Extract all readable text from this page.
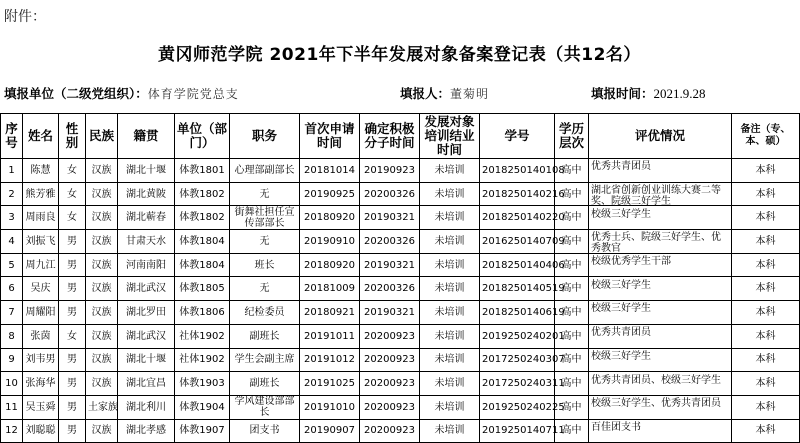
附件：
黄冈师范学院 2021年下半年发展对象备案登记表（共12名）
填报单位（二级党组织）：体育学院党总支	填报人：董菊明	填报时间：2021.9.28
序号	姓名	性别	民族	籍贯	单位（部门）	职务	首次申请时间	确定积极分子时间	发展对象培训结业时间	学号	学历层次	评优情况	备注（专、本、硕）
1	陈慧	女	汉族	湖北十堰	体教1801	心理部副部长	20181014	20190923	未培训	2018250140108	高中	优秀共青团员	本科
2	熊芳雅	女	汉族	湖北黄陂	体教1802	无	20190925	20200326	未培训	2018250140216	高中	湖北省创新创业训练大赛二等奖、院级三好学生	本科
3	周雨良	女	汉族	湖北蕲春	体教1802	街舞社担任宣传部部长	20180920	20190321	未培训	2018250140220	高中	校级三好学生	本科
4	刘振飞	男	汉族	甘肃天水	体教1804	无	20190910	20200326	未培训	2016250140709	高中	优秀士兵、院级三好学生、优秀教官	本科
5	周九江	男	汉族	河南南阳	体教1804	班长	20180920	20190321	未培训	2018250140406	高中	校级优秀学生干部	本科
6	吴庆	男	汉族	湖北武汉	体教1805	无	20181009	20200326	未培训	2018250140519	高中	校级三好学生	本科
7	周耀阳	男	汉族	湖北罗田	体教1806	纪检委员	20180921	20190321	未培训	2018250140619	高中	校级三好学生	本科
8	张茵	女	汉族	湖北武汉	社体1902	副班长	20191011	20200923	未培训	2019250240201	高中	优秀共青团员	本科
9	刘韦男	男	汉族	湖北十堰	社体1902	学生会副主席	20191012	20200923	未培训	2017250240307	高中	校级三好学生	本科
10	张海华	男	汉族	湖北宜昌	体教1903	副班长	20191025	20200923	未培训	2017250240311	高中	优秀共青团员、校级三好学生	本科
11	吴玉舜	男	土家族	湖北利川	体教1904	学风建设部部长	20191010	20200923	未培训	2019250240225	高中	校级三好学生、优秀共青团员	本科
12	刘聪聪	男	汉族	湖北孝感	体教1907	团支书	20190907	20200923	未培训	2019250140711	高中	百佳团支书	本科
